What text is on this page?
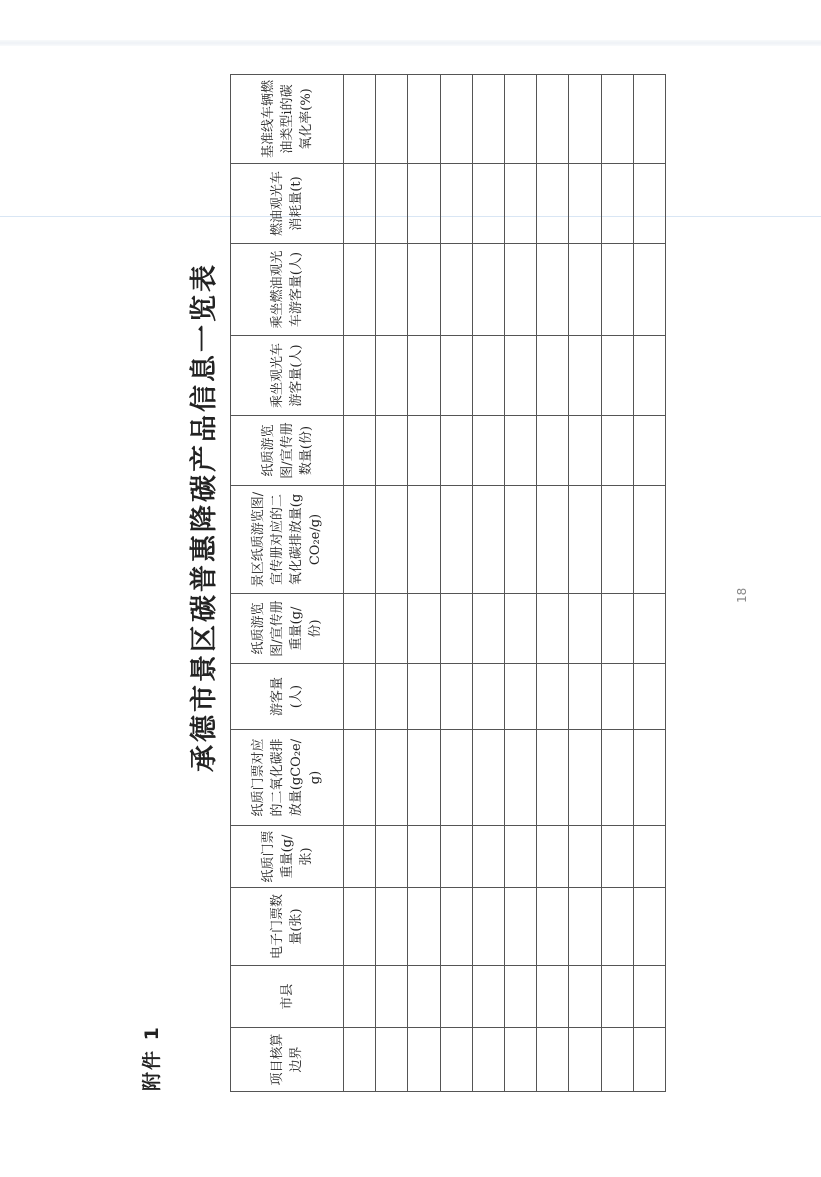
附件 1
承德市景区碳普惠降碳产品信息一览表	18
项目核算边界	市县	电子门票数量(张)	纸质门票重量(g/张)	纸质门票对应的二氧化碳排放量(gCO₂e/g)	游客量(人)	纸质游览图/宣传册重量(g/份)	景区纸质游览图/宣传册对应的二氧化碳排放量(gCO₂e/g)	纸质游览图/宣传册数量(份)	乘坐观光车游客量(人)	乘坐燃油观光车游客量(人)	燃油观光车消耗量(t)	基准线车辆燃油类型i的碳氧化率(%)
